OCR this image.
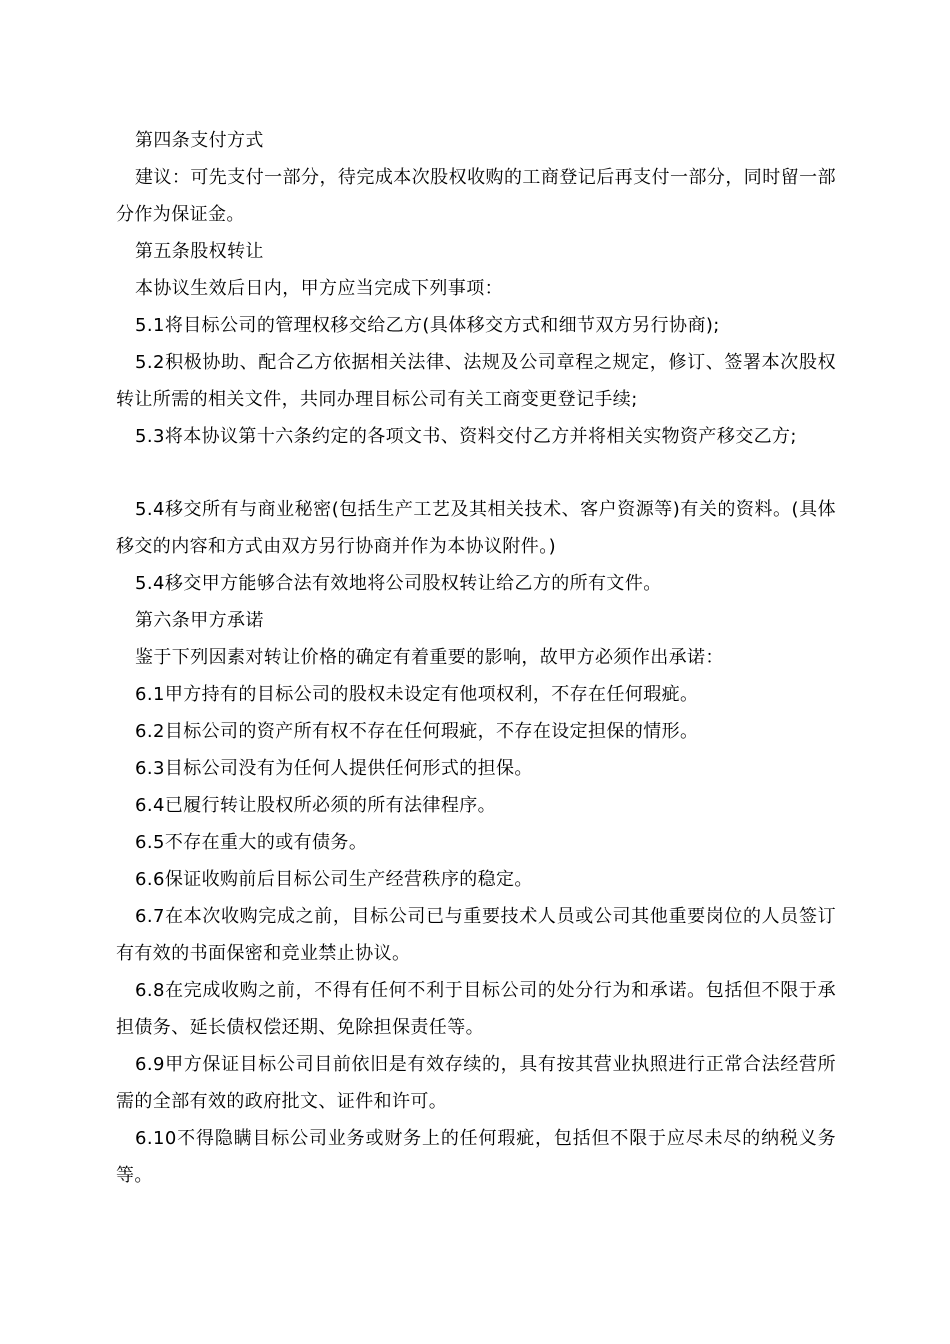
第四条支付方式

建议：可先支付一部分，待完成本次股权收购的工商登记后再支付一部分，同时留一部分作为保证金。

第五条股权转让

本协议生效后日内，甲方应当完成下列事项：

5.1将目标公司的管理权移交给乙方(具体移交方式和细节双方另行协商);

5.2积极协助、配合乙方依据相关法律、法规及公司章程之规定，修订、签署本次股权转让所需的相关文件，共同办理目标公司有关工商变更登记手续;

5.3将本协议第十六条约定的各项文书、资料交付乙方并将相关实物资产移交乙方;

5.4移交所有与商业秘密(包括生产工艺及其相关技术、客户资源等)有关的资料。(具体移交的内容和方式由双方另行协商并作为本协议附件。)

5.4移交甲方能够合法有效地将公司股权转让给乙方的所有文件。

第六条甲方承诺

鉴于下列因素对转让价格的确定有着重要的影响，故甲方必须作出承诺：

6.1甲方持有的目标公司的股权未设定有他项权利，不存在任何瑕疵。

6.2目标公司的资产所有权不存在任何瑕疵，不存在设定担保的情形。

6.3目标公司没有为任何人提供任何形式的担保。

6.4已履行转让股权所必须的所有法律程序。

6.5不存在重大的或有债务。

6.6保证收购前后目标公司生产经营秩序的稳定。

6.7在本次收购完成之前，目标公司已与重要技术人员或公司其他重要岗位的人员签订有有效的书面保密和竞业禁止协议。

6.8在完成收购之前，不得有任何不利于目标公司的处分行为和承诺。包括但不限于承担债务、延长债权偿还期、免除担保责任等。

6.9甲方保证目标公司目前依旧是有效存续的，具有按其营业执照进行正常合法经营所需的全部有效的政府批文、证件和许可。

6.10不得隐瞒目标公司业务或财务上的任何瑕疵，包括但不限于应尽未尽的纳税义务等。
